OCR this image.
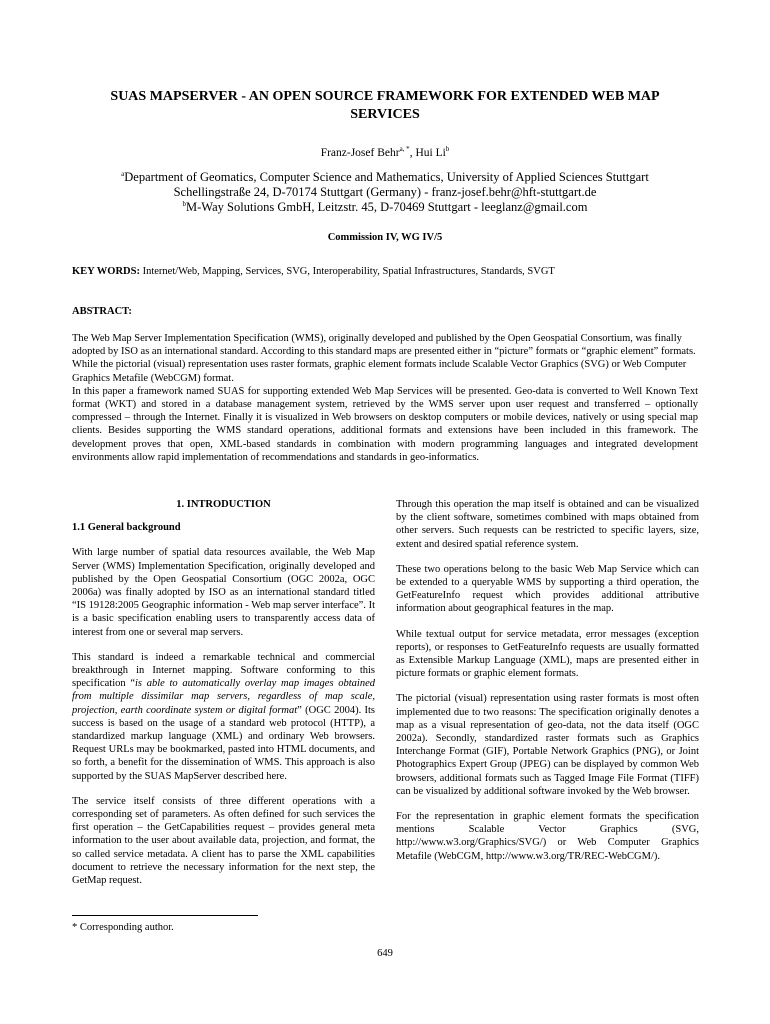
SUAS MAPSERVER - AN OPEN SOURCE FRAMEWORK FOR EXTENDED WEB MAP
SERVICES
Franz-Josef Behr$^{a, *}$, Hui Li$^b$
$^a$Department of Geomatics, Computer Science and Mathematics, University of Applied Sciences Stuttgart
Schellingstraße 24, D-70174 Stuttgart (Germany) - franz-josef.behr@hft-stuttgart.de
$^b$M-Way Solutions GmbH, Leitzstr. 45, D-70469 Stuttgart - leeglanz@gmail.com
Commission IV, WG IV/5
KEY WORDS: Internet/Web, Mapping, Services, SVG, Interoperability, Spatial Infrastructures, Standards, SVGT
ABSTRACT:

The Web Map Server Implementation Specification (WMS), originally developed and published by the Open Geospatial Consortium, was finally adopted by ISO as an international standard. According to this standard maps are presented either in “picture” formats or “graphic element” formats. While the pictorial (visual) representation uses raster formats, graphic element formats include Scalable Vector Graphics (SVG) or Web Computer Graphics Metafile (WebCGM) format.

In this paper a framework named SUAS for supporting extended Web Map Services will be presented. Geo-data is converted to Well Known Text format (WKT) and stored in a database management system, retrieved by the WMS server upon user request and transferred – optionally compressed – through the Internet. Finally it is visualized in Web browsers on desktop computers or mobile devices, natively or using special map clients. Besides supporting the WMS standard operations, additional formats and extensions have been included in this framework. The development proves that open, XML-based standards in combination with modern programming languages and integrated development environments allow rapid implementation of recommendations and standards in geo-informatics.

1. INTRODUCTION
1.1 General background

With large number of spatial data resources available, the Web Map Server (WMS) Implementation Specification, originally developed and published by the Open Geospatial Consortium (OGC 2002a, OGC 2006a) was finally adopted by ISO as an international standard titled “IS 19128:2005 Geographic information - Web map server interface”. It is a basic specification enabling users to transparently access data of interest from one or several map servers.

This standard is indeed a remarkable technical and commercial breakthrough in Internet mapping. Software conforming to this specification “is able to automatically overlay map images obtained from multiple dissimilar map servers, regardless of map scale, projection, earth coordinate system or digital format” (OGC 2004). Its success is based on the usage of a standard web protocol (HTTP), a standardized markup language (XML) and ordinary Web browsers. Request URLs may be bookmarked, pasted into HTML documents, and so forth, a benefit for the dissemination of WMS. This approach is also supported by the SUAS MapServer described here.

The service itself consists of three different operations with a corresponding set of parameters. As often defined for such services the first operation – the GetCapabilities request – provides general meta information to the user about available data, projection, and format, the so called service metadata. A client has to parse the XML capabilities document to retrieve the necessary information for the next step, the GetMap request.

Through this operation the map itself is obtained and can be visualized by the client software, sometimes combined with maps obtained from other servers. Such requests can be restricted to specific layers, size, extent and desired spatial reference system.

These two operations belong to the basic Web Map Service which can be extended to a queryable WMS by supporting a third operation, the GetFeatureInfo request which provides additional attributive information about geographical features in the map.

While textual output for service metadata, error messages (exception reports), or responses to GetFeatureInfo requests are usually formatted as Extensible Markup Language (XML), maps are presented either in picture formats or graphic element formats.

The pictorial (visual) representation using raster formats is most often implemented due to two reasons: The specification originally denotes a map as a visual representation of geo-data, not the data itself (OGC 2002a). Secondly, standardized raster formats such as Graphics Interchange Format (GIF), Portable Network Graphics (PNG), or Joint Photographics Expert Group (JPEG) can be displayed by common Web browsers, additional formats such as Tagged Image File Format (TIFF) can be visualized by additional software invoked by the Web browser.

For the representation in graphic element formats the specification mentions Scalable Vector Graphics (SVG, http://www.w3.org/Graphics/SVG/) or Web Computer Graphics Metafile (WebCGM, http://www.w3.org/TR/REC-WebCGM/).

* Corresponding author.
649
